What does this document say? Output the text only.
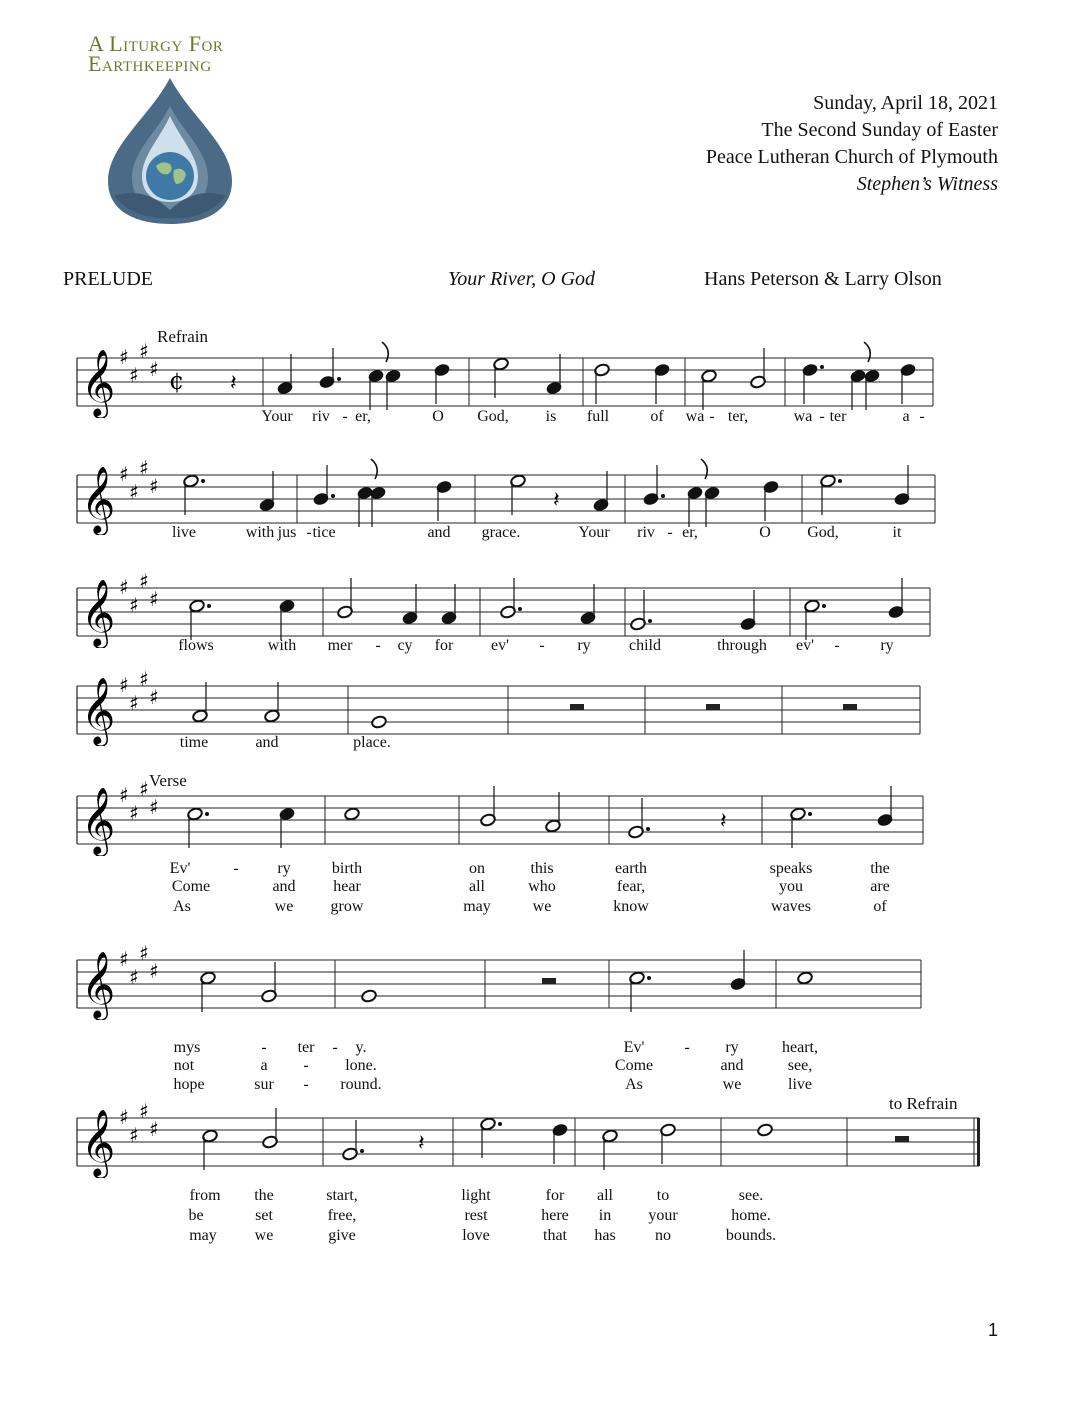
A Liturgy For
Earthkeeping
Sunday, April 18, 2021
The Second Sunday of Easter
Peace Lutheran Church of Plymouth
Stephen’s Witness
PRELUDE	Your River, O God	Hans Peterson & Larry Olson
Refrain
Verse
to Refrain
𝄞 ♯
♯
♯
♯ ¢ 𝄽
Your riv - er,	O God, is full	of wa - ter,	wa - ter	a -
𝄞 ♯
♯
♯
♯
𝄽
live	with jus - tice	and grace.	Your riv - er,	O God,	it
𝄞 ♯
♯
♯
♯
flows	with mer - cy for ev' - ry child	through ev' -	ry
𝄞 ♯
♯
♯
♯
time	and	place.
𝄞 ♯
♯
♯
♯
𝄽
Ev'	- ry	birth	on	this	earth	speaks	the
Come	and hear	all	who	fear,	you	are
As	we grow	may	we	know	waves	of
𝄞 ♯
♯
♯
♯
mys	- ter - y.	Ev'	- ry	heart,
not	a - lone.	Come	and	see,
hope	sur - round.	As	we	live
𝄞 ♯
♯
♯
♯
𝄽
from the	start,	light	for all	to	see.
be	set	free,	rest	here in your	home.
may we	give	love	that has no	bounds.
1
